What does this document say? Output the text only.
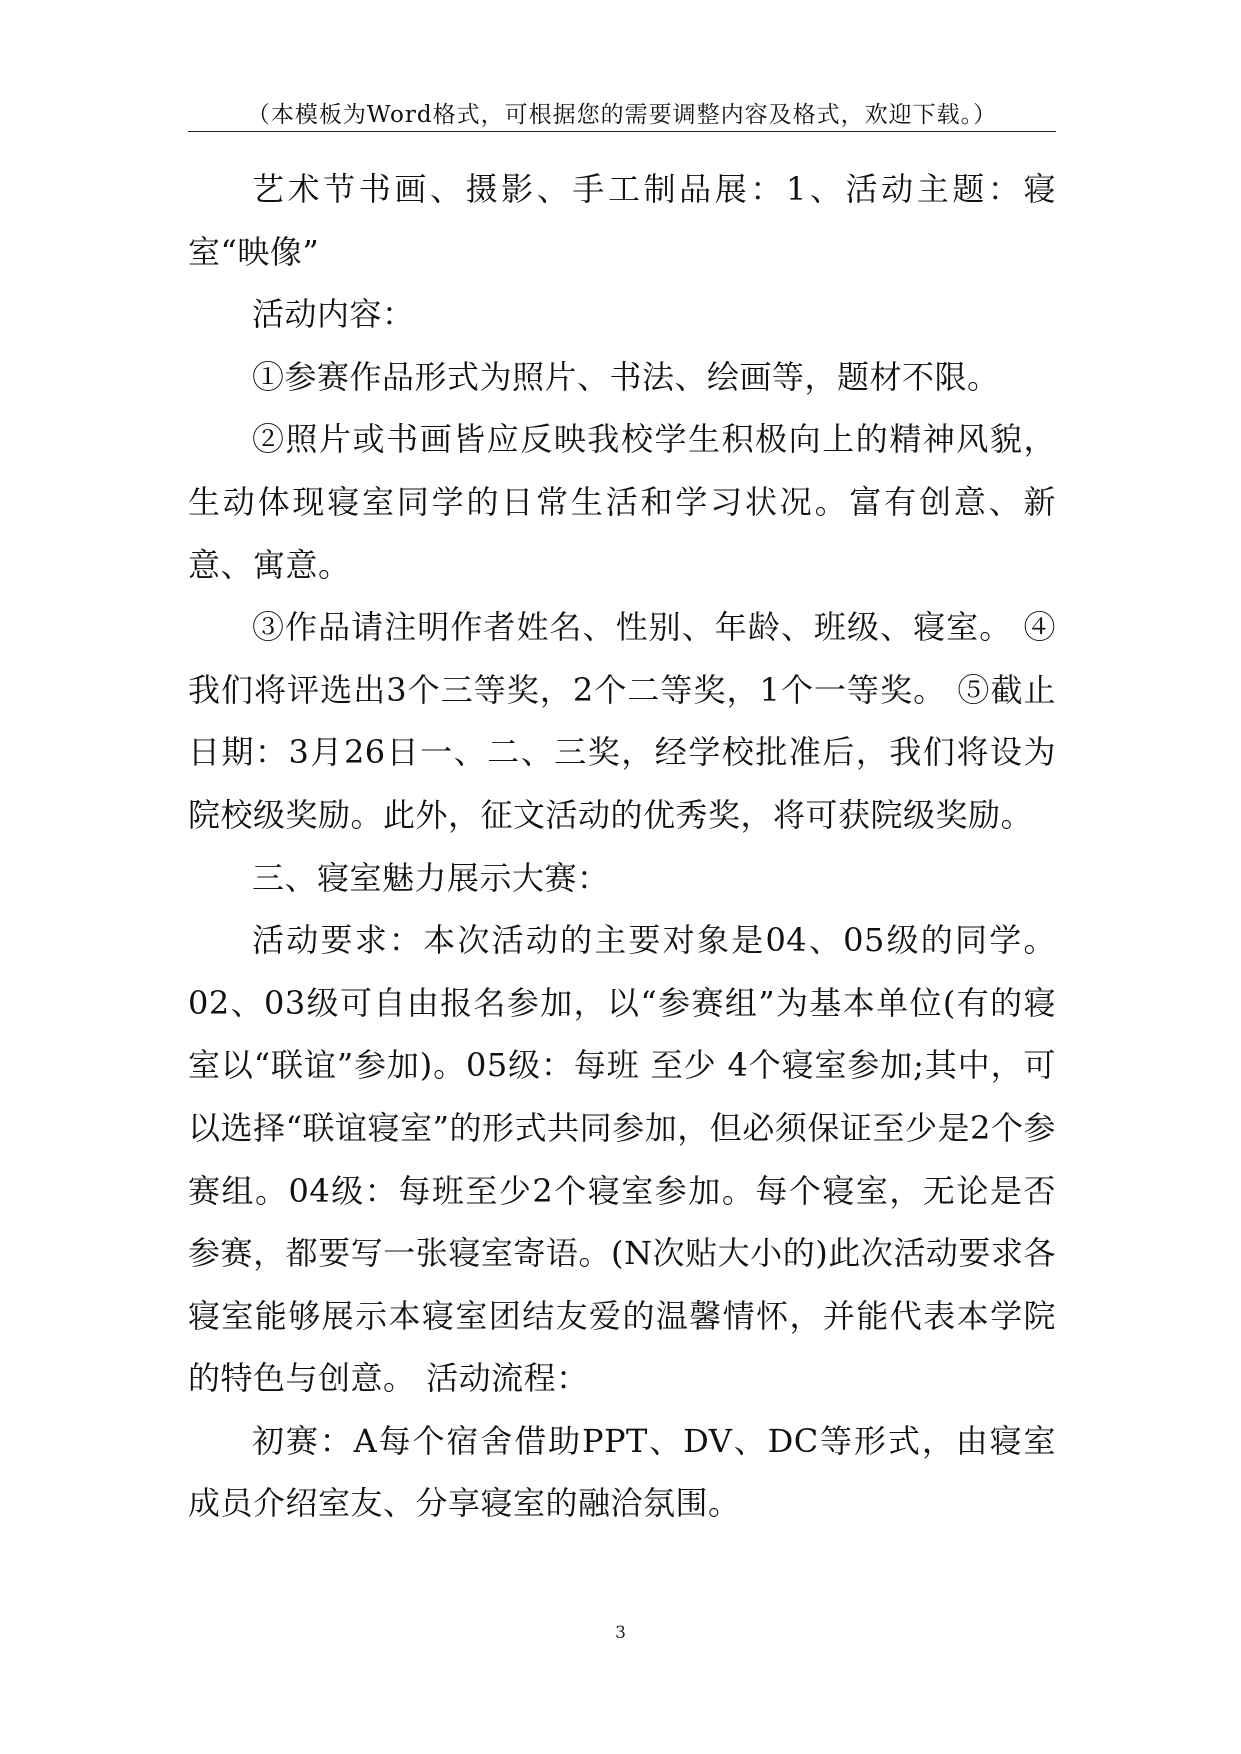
（本模板为Word格式，可根据您的需要调整内容及格式，欢迎下载。）

艺术节书画、摄影、手工制品展：1、活动主题：寝室“映像”

活动内容：

①参赛作品形式为照片、书法、绘画等，题材不限。

②照片或书画皆应反映我校学生积极向上的精神风貌，生动体现寝室同学的日常生活和学习状况。富有创意、新意、寓意。

③作品请注明作者姓名、性别、年龄、班级、寝室。 ④我们将评选出3个三等奖，2个二等奖，1个一等奖。 ⑤截止日期：3月26日一、二、三奖，经学校批准后，我们将设为院校级奖励。此外，征文活动的优秀奖，将可获院级奖励。

三、寝室魅力展示大赛：

活动要求：本次活动的主要对象是04、05级的同学。02、03级可自由报名参加，以“参赛组”为基本单位(有的寝室以“联谊”参加)。05级：每班 至少 4个寝室参加;其中，可以选择“联谊寝室”的形式共同参加，但必须保证至少是2个参赛组。04级：每班至少2个寝室参加。每个寝室，无论是否参赛，都要写一张寝室寄语。(N次贴大小的)此次活动要求各寝室能够展示本寝室团结友爱的温馨情怀，并能代表本学院的特色与创意。 活动流程：

初赛：A每个宿舍借助PPT、DV、DC等形式，由寝室成员介绍室友、分享寝室的融洽氛围。

3
